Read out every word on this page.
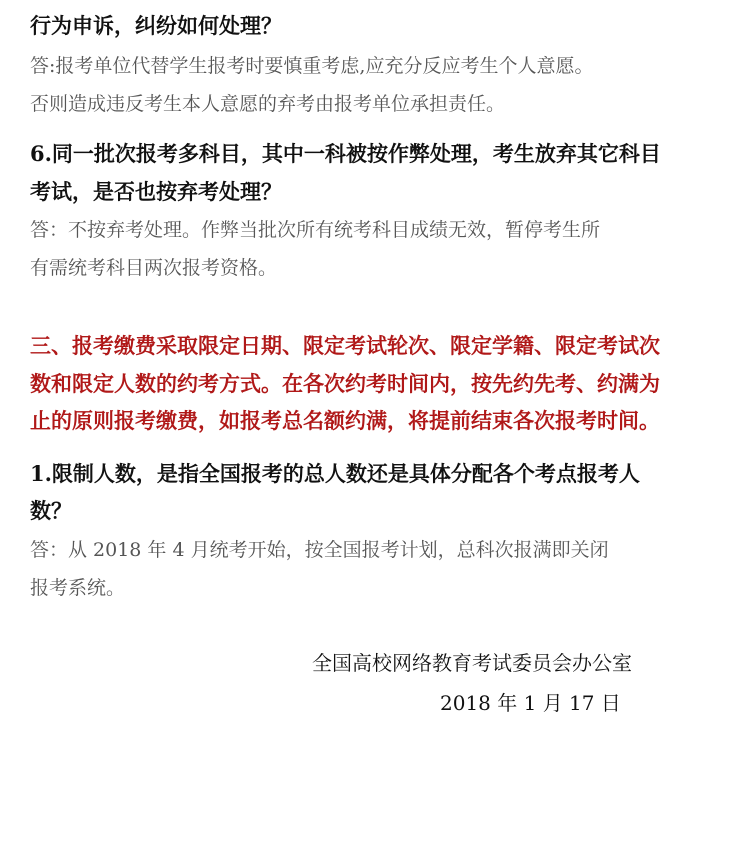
行为申诉，纠纷如何处理？
答:报考单位代替学生报考时要慎重考虑,应充分反应考生个人意愿。
否则造成违反考生本人意愿的弃考由报考单位承担责任。
6.同一批次报考多科目，其中一科被按作弊处理，考生放弃其它科目
考试，是否也按弃考处理？
答：不按弃考处理。作弊当批次所有统考科目成绩无效，暂停考生所
有需统考科目两次报考资格。
三、报考缴费采取限定日期、限定考试轮次、限定学籍、限定考试次
数和限定人数的约考方式。在各次约考时间内，按先约先考、约满为
止的原则报考缴费，如报考总名额约满，将提前结束各次报考时间。
1.限制人数，是指全国报考的总人数还是具体分配各个考点报考人
数？
答：从 2018 年 4 月统考开始，按全国报考计划，总科次报满即关闭
报考系统。
全国高校网络教育考试委员会办公室
2018 年 1 月 17 日
